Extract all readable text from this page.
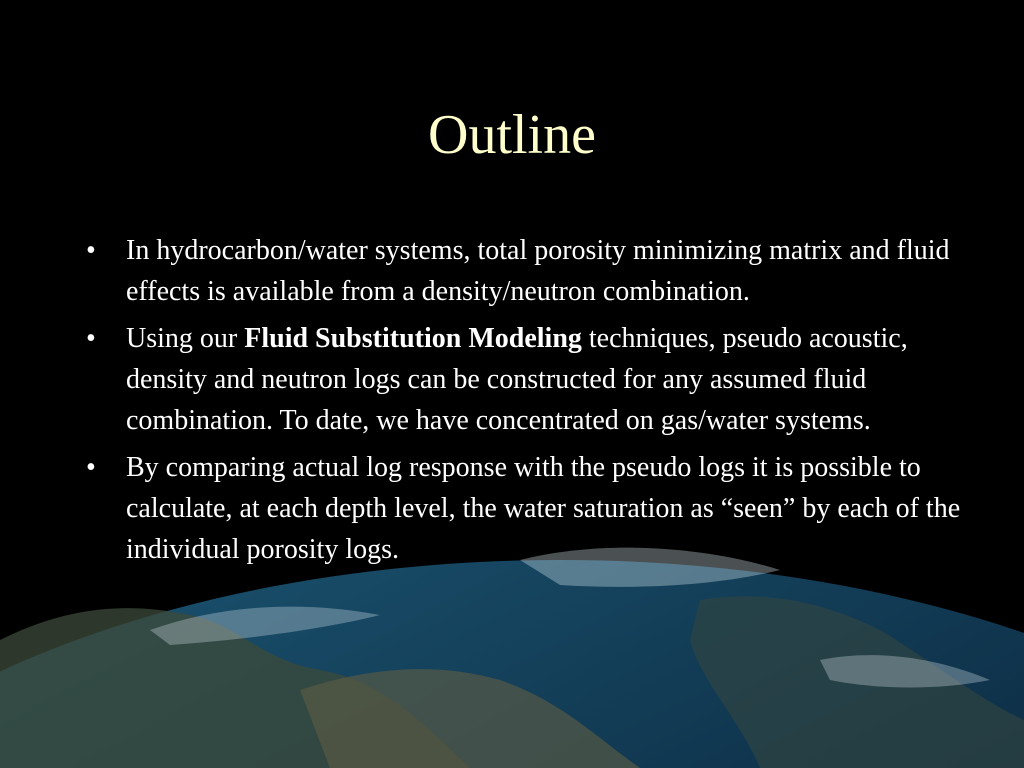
Outline
• In hydrocarbon/water systems, total porosity minimizing matrix and fluid effects is available from a density/neutron combination.
• Using our Fluid Substitution Modeling techniques, pseudo acoustic, density and neutron logs can be constructed for any assumed fluid combination. To date, we have concentrated on gas/water systems.
• By comparing actual log response with the pseudo logs it is possible to calculate, at each depth level, the water saturation as “seen” by each of the individual porosity logs.
